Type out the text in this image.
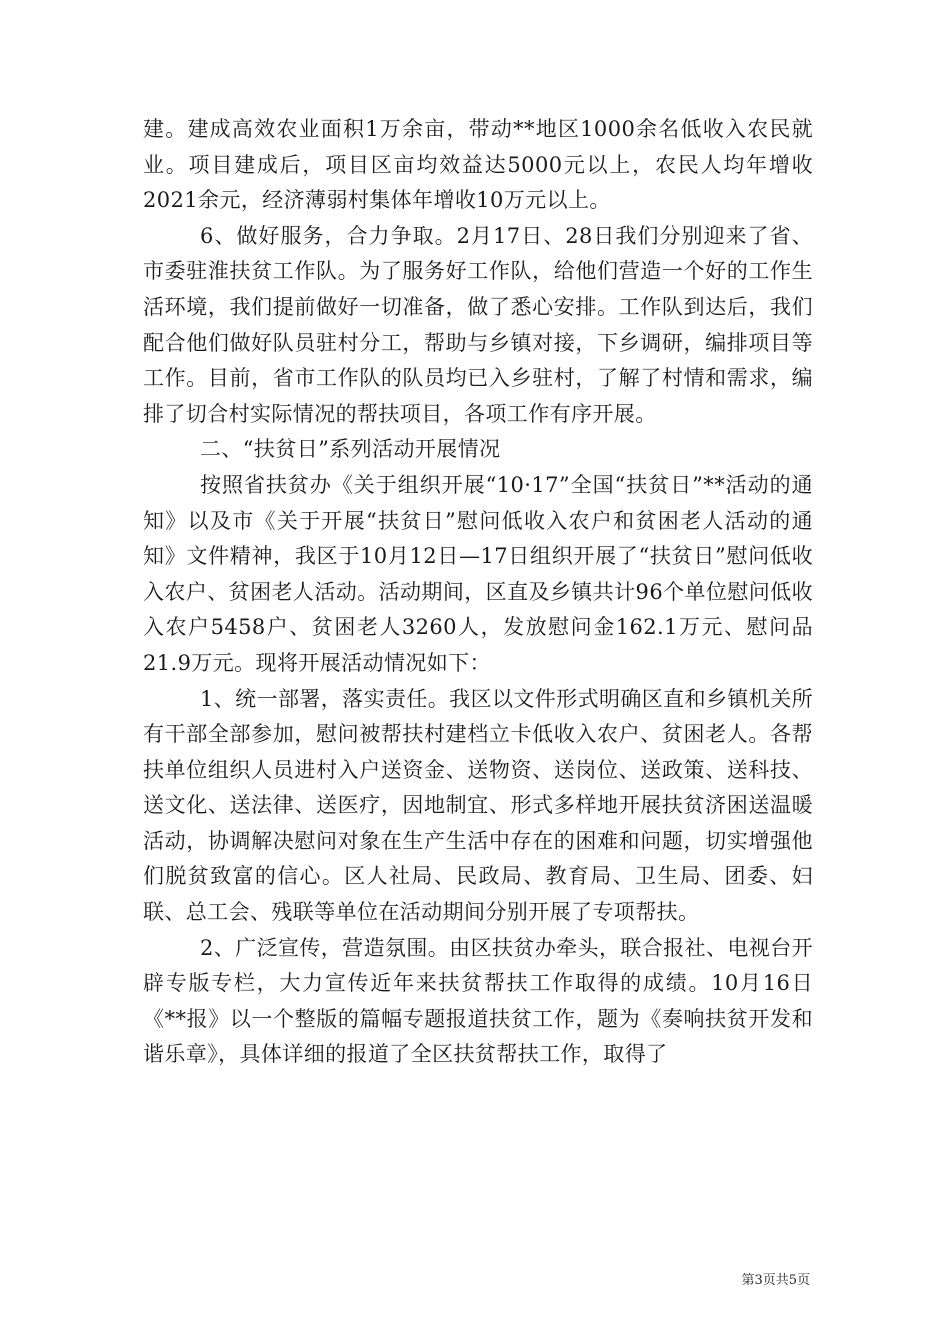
建。建成高效农业面积1万余亩，带动**地区1000余名低收入农民就业。项目建成后，项目区亩均效益达5000元以上，农民人均年增收2021余元，经济薄弱村集体年增收10万元以上。

6、做好服务，合力争取。2月17日、28日我们分别迎来了省、市委驻淮扶贫工作队。为了服务好工作队，给他们营造一个好的工作生活环境，我们提前做好一切准备，做了悉心安排。工作队到达后，我们配合他们做好队员驻村分工，帮助与乡镇对接，下乡调研，编排项目等工作。目前，省市工作队的队员均已入乡驻村，了解了村情和需求，编排了切合村实际情况的帮扶项目，各项工作有序开展。

二、“扶贫日”系列活动开展情况

按照省扶贫办《关于组织开展“10·17”全国“扶贫日”**活动的通知》以及市《关于开展“扶贫日”慰问低收入农户和贫困老人活动的通知》文件精神，我区于10月12日—17日组织开展了“扶贫日”慰问低收入农户、贫困老人活动。活动期间，区直及乡镇共计96个单位慰问低收入农户5458户、贫困老人3260人，发放慰问金162.1万元、慰问品21.9万元。现将开展活动情况如下：

1、统一部署，落实责任。我区以文件形式明确区直和乡镇机关所有干部全部参加，慰问被帮扶村建档立卡低收入农户、贫困老人。各帮扶单位组织人员进村入户送资金、送物资、送岗位、送政策、送科技、送文化、送法律、送医疗，因地制宜、形式多样地开展扶贫济困送温暖活动，协调解决慰问对象在生产生活中存在的困难和问题，切实增强他们脱贫致富的信心。区人社局、民政局、教育局、卫生局、团委、妇联、总工会、残联等单位在活动期间分别开展了专项帮扶。

2、广泛宣传，营造氛围。由区扶贫办牵头，联合报社、电视台开辟专版专栏，大力宣传近年来扶贫帮扶工作取得的成绩。10月16日《**报》以一个整版的篇幅专题报道扶贫工作，题为《奏响扶贫开发和谐乐章》，具体详细的报道了全区扶贫帮扶工作，取得了

第3页共5页
